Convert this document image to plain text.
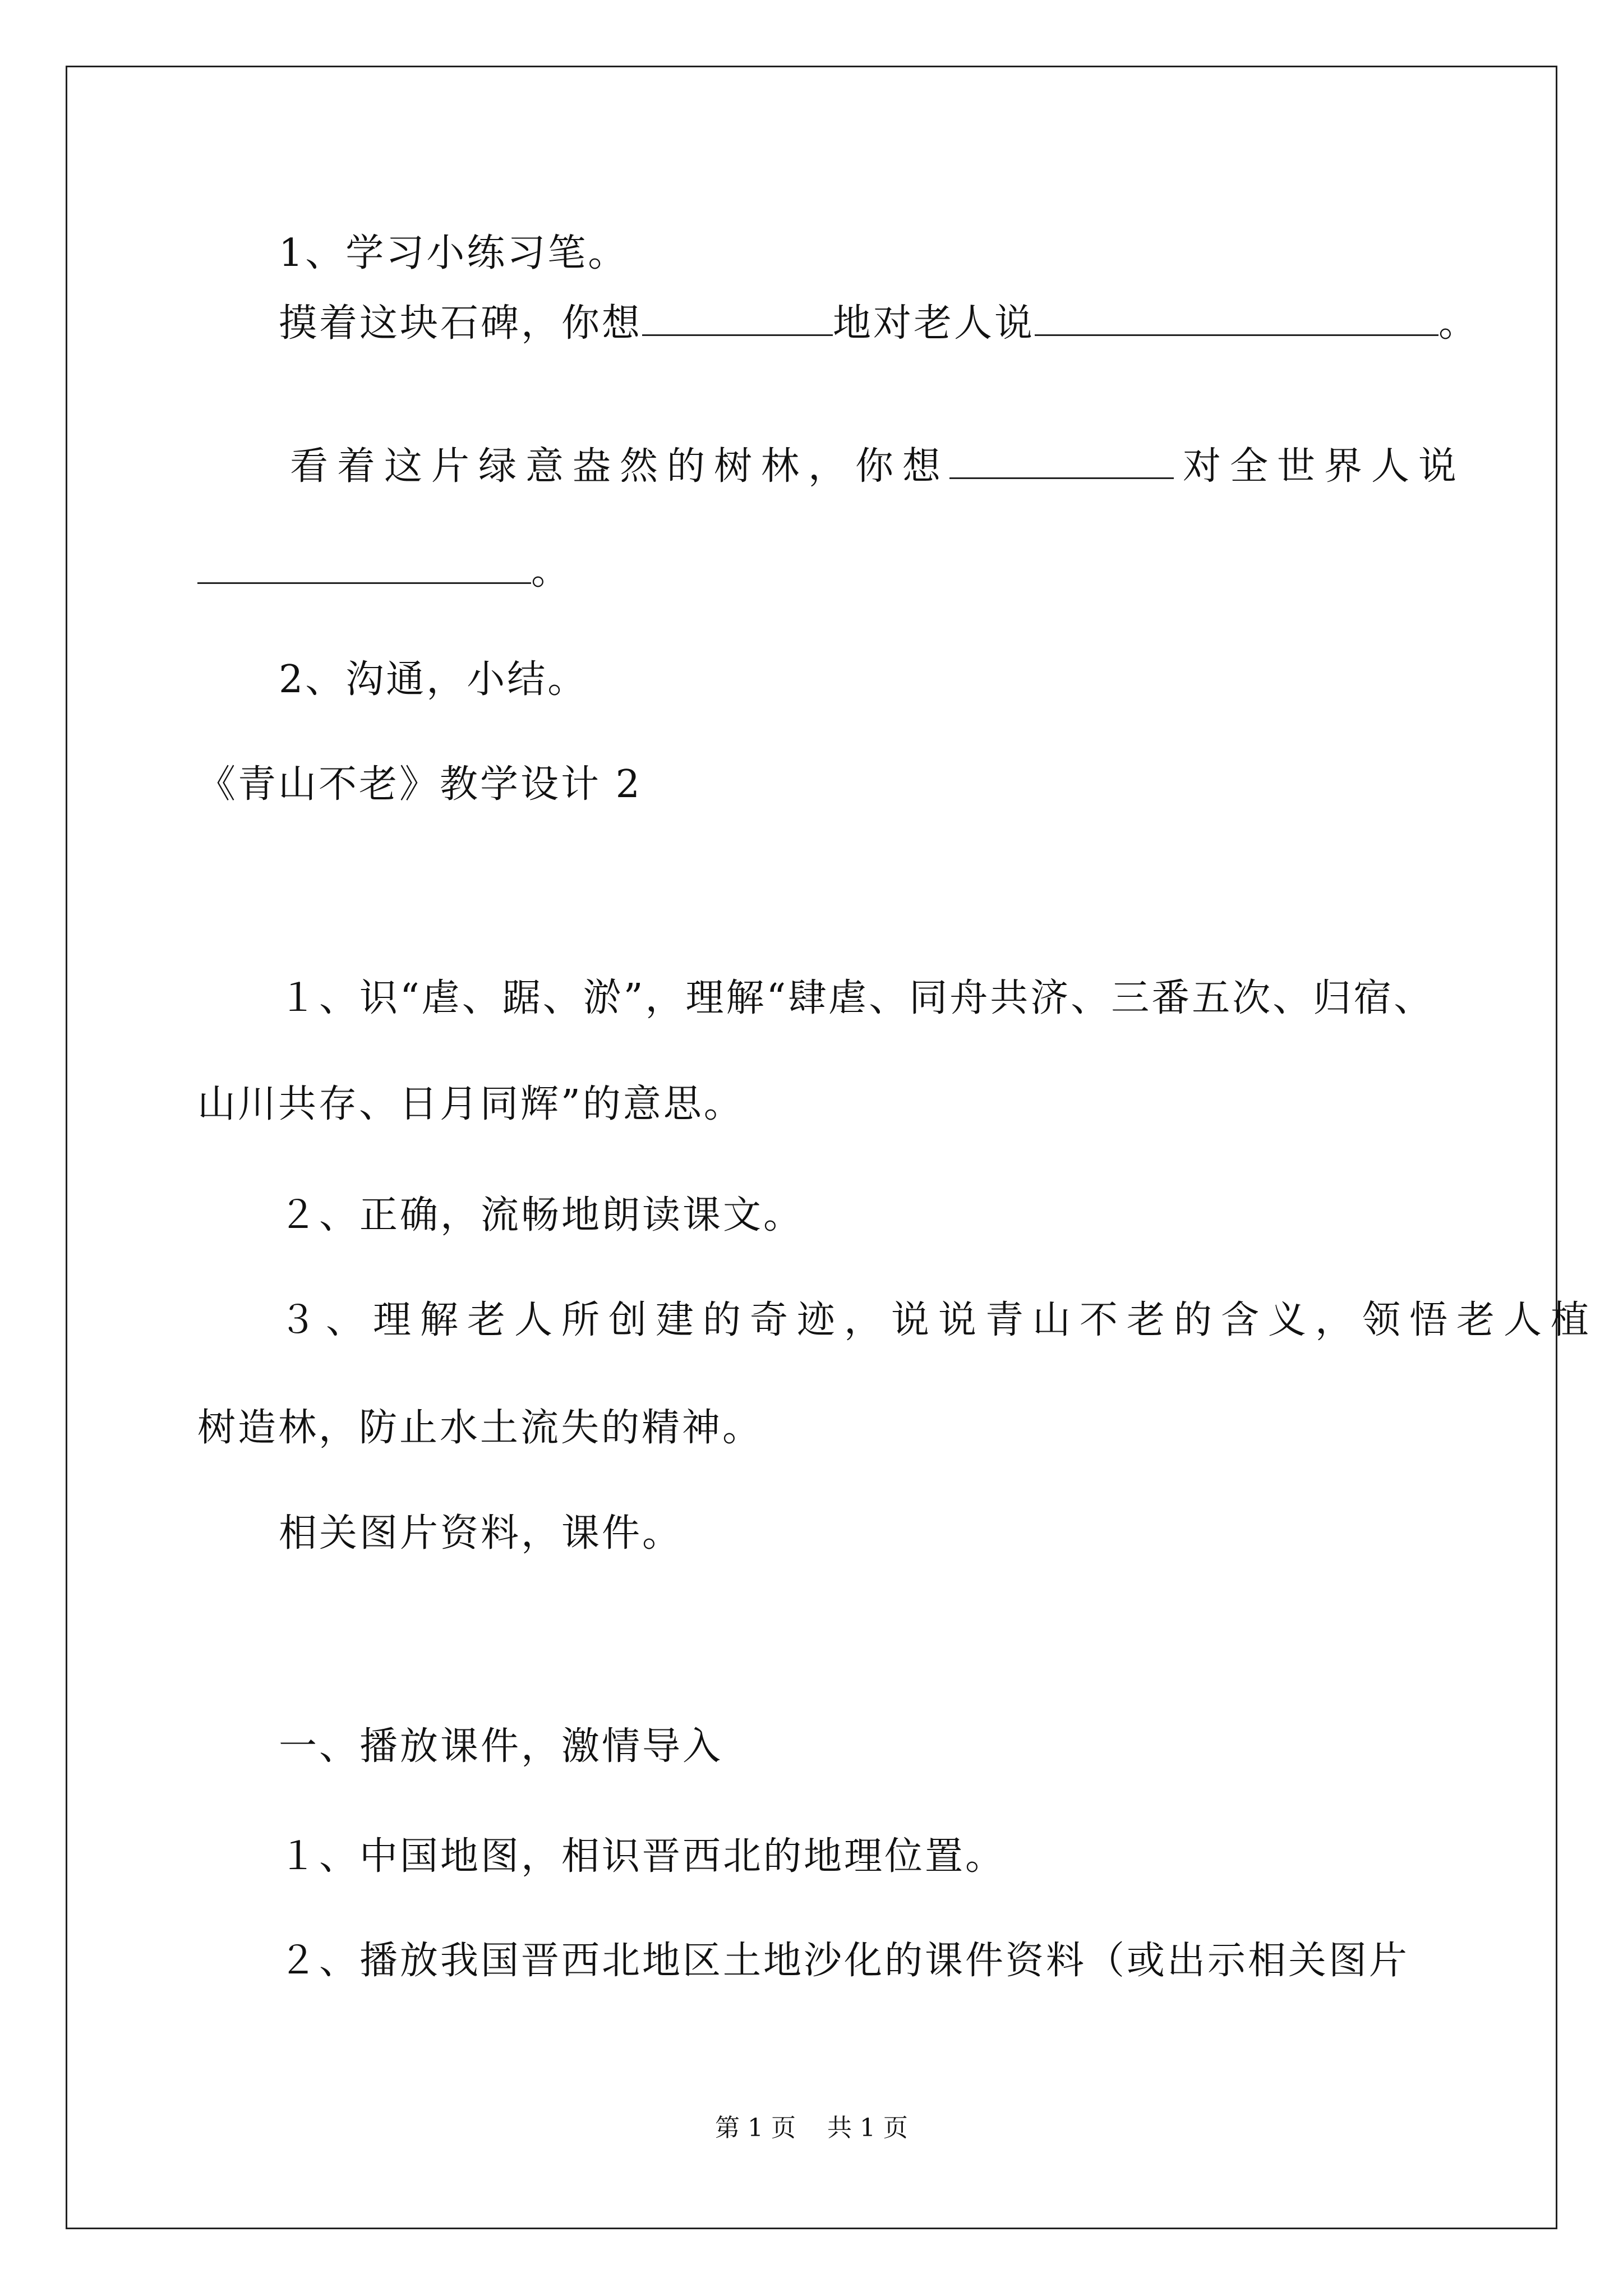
1、学习小练习笔。
摸着这块石碑，你想	地对老人说	。
看着这片绿意盎然的树林，你想	对全世界人说
。
2、沟通，小结。
《青山不老》教学设计 2
１、识“虐、踞、淤”，理解“肆虐、同舟共济、三番五次、归宿、
山川共存、日月同辉”的意思。
２、正确，流畅地朗读课文。
３、理解老人所创建的奇迹，说说青山不老的含义，领悟老人植
树造林，防止水土流失的精神。
相关图片资料，课件。
一、播放课件，激情导入
１、中国地图，相识晋西北的地理位置。
２、播放我国晋西北地区土地沙化的课件资料（或出示相关图片
第 1 页    共 1 页
